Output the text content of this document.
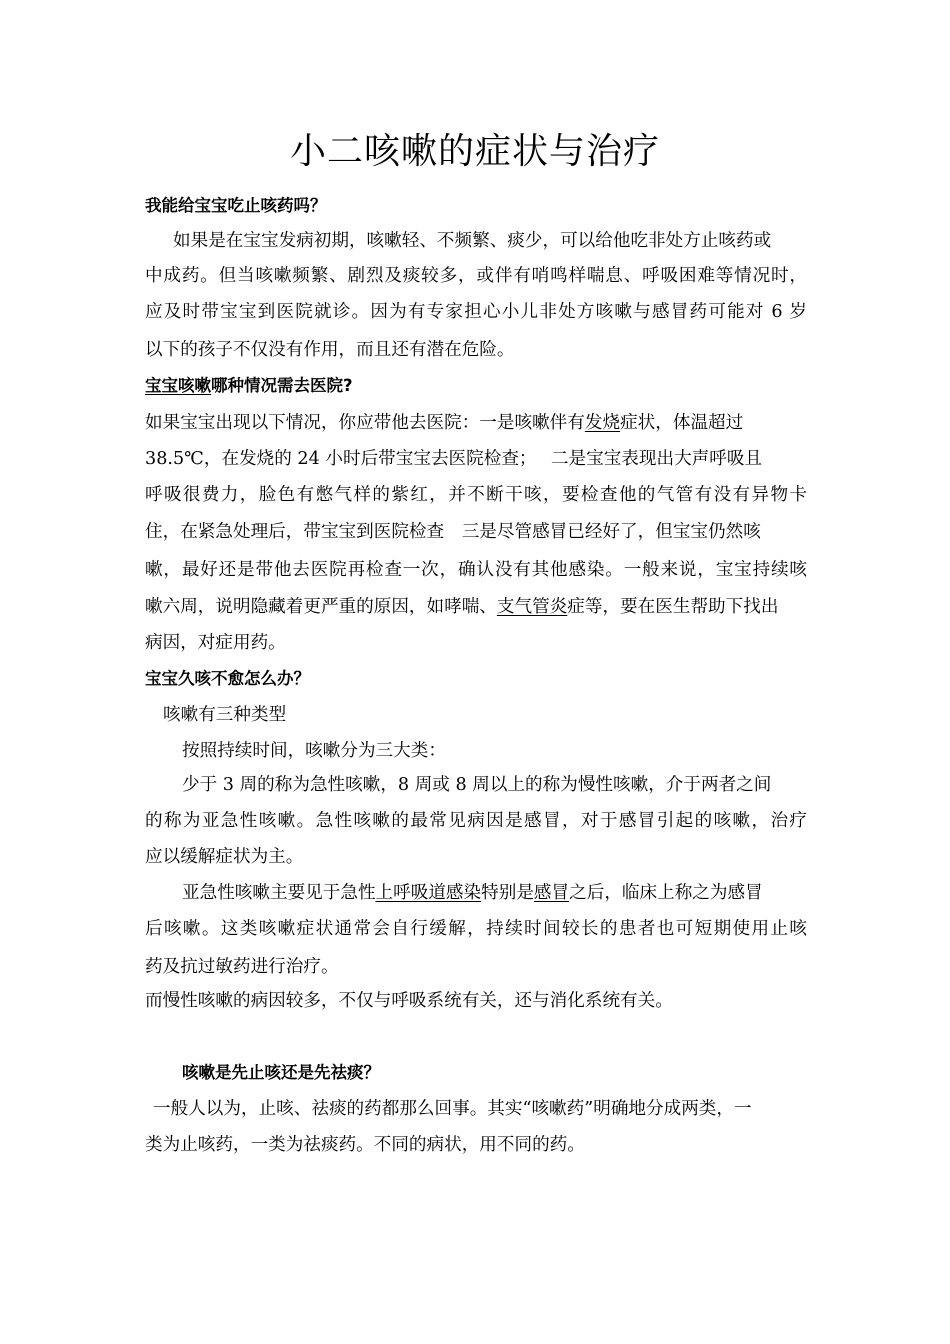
小二咳嗽的症状与治疗
我能给宝宝吃止咳药吗？
如果是在宝宝发病初期，咳嗽轻、不频繁、痰少，可以给他吃非处方止咳药或
中成药。但当咳嗽频繁、剧烈及痰较多，或伴有哨鸣样喘息、呼吸困难等情况时，
应及时带宝宝到医院就诊。因为有专家担心小儿非处方咳嗽与感冒药可能对 6 岁
以下的孩子不仅没有作用，而且还有潜在危险。
宝宝咳嗽哪种情况需去医院?
如果宝宝出现以下情况，你应带他去医院：一是咳嗽伴有发烧症状，体温超过
38.5℃，在发烧的 24 小时后带宝宝去医院检查；　 二是宝宝表现出大声呼吸且
呼吸很费力，脸色有憋气样的紫红，并不断干咳，要检查他的气管有没有异物卡
住，在紧急处理后，带宝宝到医院检查　三是尽管感冒已经好了，但宝宝仍然咳
嗽，最好还是带他去医院再检查一次，确认没有其他感染。一般来说，宝宝持续咳
嗽六周，说明隐藏着更严重的原因，如哮喘、支气管炎症等，要在医生帮助下找出
病因，对症用药。
宝宝久咳不愈怎么办？
咳嗽有三种类型
按照持续时间，咳嗽分为三大类：
少于 3 周的称为急性咳嗽，8 周或 8 周以上的称为慢性咳嗽，介于两者之间
的称为亚急性咳嗽。急性咳嗽的最常见病因是感冒，对于感冒引起的咳嗽，治疗
应以缓解症状为主。
亚急性咳嗽主要见于急性上呼吸道感染特别是感冒之后，临床上称之为感冒
后咳嗽。这类咳嗽症状通常会自行缓解，持续时间较长的患者也可短期使用止咳
药及抗过敏药进行治疗。
而慢性咳嗽的病因较多，不仅与呼吸系统有关，还与消化系统有关。
咳嗽是先止咳还是先祛痰？
一般人以为，止咳、祛痰的药都那么回事。其实“咳嗽药”明确地分成两类，一
类为止咳药，一类为祛痰药。不同的病状，用不同的药。
